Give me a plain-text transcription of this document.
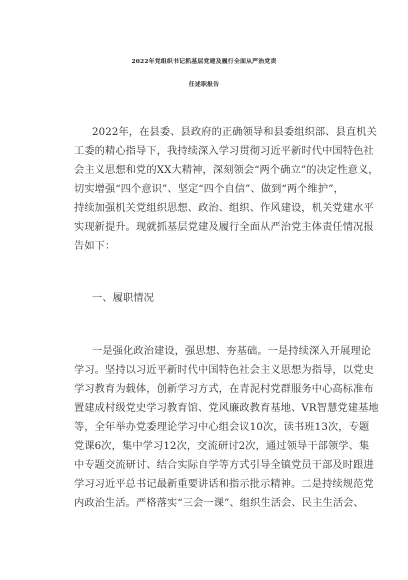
2022年党组织书记抓基层党建及履行全面从严治党责
任述职报告
2022年，在县委、县政府的正确领导和县委组织部、县直机关
工委的精心指导下，我持续深入学习贯彻习近平新时代中国特色社
会主义思想和党的XX大精神，深刻领会“两个确立”的决定性意义，
切实增强“四个意识”、坚定“四个自信”、做到“两个维护”，
持续加强机关党组织思想、政治、组织、作风建设，机关党建水平
实现新提升。现就抓基层党建及履行全面从严治党主体责任情况报
告如下：
一、履职情况
一是强化政治建设，强思想、夯基础。一是持续深入开展理论
学习。坚持以习近平新时代中国特色社会主义思想为指导，以党史
学习教育为载体，创新学习方式，在青泥村党群服务中心高标准布
置建成村级党史学习教育馆、党风廉政教育基地、VR智慧党建基地
等，全年举办党委理论学习中心组会议10次，读书班13次，专题
党课6次，集中学习12次，交流研讨2次，通过领导干部领学、集
中专题交流研讨、结合实际自学等方式引导全镇党员干部及时跟进
学习习近平总书记最新重要讲话和指示批示精神。二是持续规范党
内政治生活。严格落实“三会一课”、组织生活会、民主生活会、
